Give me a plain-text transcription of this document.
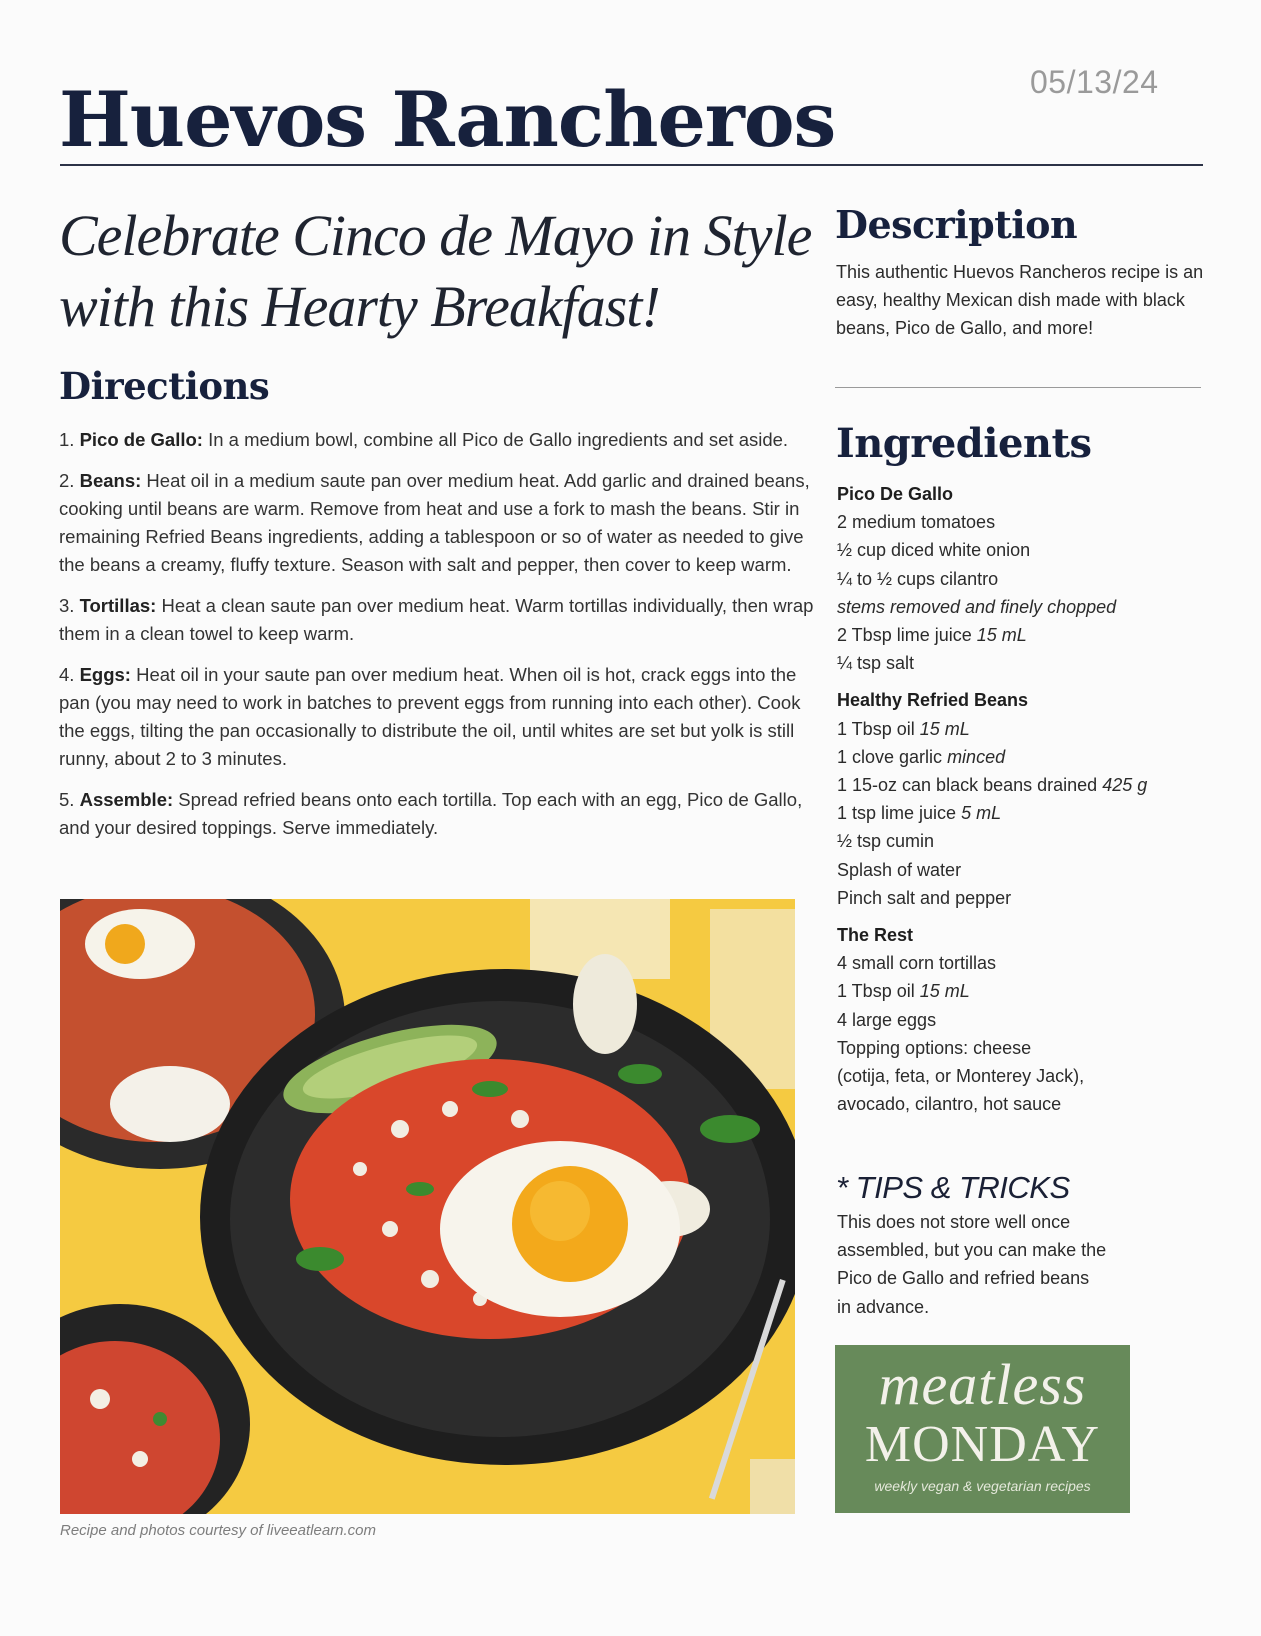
05/13/24
Huevos Rancheros
Celebrate Cinco de Mayo in Style with this Hearty Breakfast!
Directions

1. Pico de Gallo: In a medium bowl, combine all Pico de Gallo ingredients and set aside.

2. Beans: Heat oil in a medium saute pan over medium heat. Add garlic and drained beans, cooking until beans are warm. Remove from heat and use a fork to mash the beans. Stir in remaining Refried Beans ingredients, adding a tablespoon or so of water as needed to give the beans a creamy, fluffy texture. Season with salt and pepper, then cover to keep warm.

3. Tortillas: Heat a clean saute pan over medium heat. Warm tortillas individually, then wrap them in a clean towel to keep warm.

4. Eggs: Heat oil in your saute pan over medium heat. When oil is hot, crack eggs into the pan (you may need to work in batches to prevent eggs from running into each other). Cook the eggs, tilting the pan occasionally to distribute the oil, until whites are set but yolk is still runny, about 2 to 3 minutes.

5. Assemble: Spread refried beans onto each tortilla. Top each with an egg, Pico de Gallo, and your desired toppings. Serve immediately.

Recipe and photos courtesy of liveeatlearn.com
Description

This authentic Huevos Rancheros recipe is an easy, healthy Mexican dish made with black beans, Pico de Gallo, and more!

Ingredients
Pico De Gallo
2 medium tomatoes
½ cup diced white onion
¼ to ½ cups cilantro
stems removed and finely chopped
2 Tbsp lime juice 15 mL
¼ tsp salt
Healthy Refried Beans
1 Tbsp oil 15 mL
1 clove garlic minced
1 15-oz can black beans drained 425 g
1 tsp lime juice 5 mL
½ tsp cumin
Splash of water
Pinch salt and pepper
The Rest
4 small corn tortillas
1 Tbsp oil 15 mL
4 large eggs
Topping options: cheese
(cotija, feta, or Monterey Jack),
avocado, cilantro, hot sauce
* TIPS & TRICKS

This does not store well once assembled, but you can make the Pico de Gallo and refried beans in advance.

meatless
MONDAY
weekly vegan & vegetarian recipes
